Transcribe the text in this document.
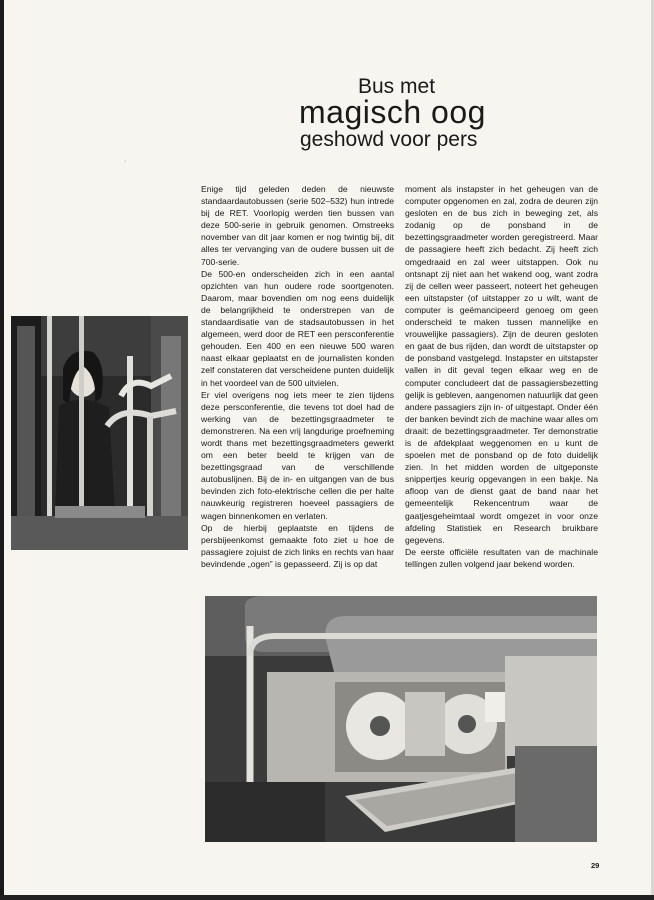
·
Bus met
magisch oog
geshowd voor pers

Enige tijd geleden deden de nieuwste standaardautobussen (serie 502–532) hun intrede bij de RET. Voorlopig werden tien bussen van deze 500-serie in gebruik genomen. Omstreeks november van dit jaar komen er nog twintig bij, dit alles ter vervanging van de oudere bussen uit de 700-serie.

De 500-en onderscheiden zich in een aantal opzichten van hun oudere rode soortgenoten. Daarom, maar bovendien om nog eens duidelijk de belangrijkheid te onderstrepen van de standaardisatie van de stadsautobussen in het algemeen, werd door de RET een persconferentie gehouden. Een 400 en een nieuwe 500 waren naast elkaar geplaatst en de journalisten konden zelf constateren dat verscheidene punten duidelijk in het voordeel van de 500 uitvielen.

Er viel overigens nog iets meer te zien tijdens deze persconferentie, die tevens tot doel had de werking van de bezettingsgraadmeter te demonstreren. Na een vrij langdurige proefneming wordt thans met bezettingsgraadmeters gewerkt om een beter beeld te krijgen van de bezettingsgraad van de verschillende autobuslijnen. Bij de in- en uitgangen van de bus bevinden zich foto-elektrische cellen die per halte nauwkeurig registreren hoeveel passagiers de wagen binnenkomen en verlaten.

Op de hierbij geplaatste en tijdens de persbijeenkomst gemaakte foto ziet u hoe de passagiere zojuist de zich links en rechts van haar bevindende „ogen” is gepasseerd. Zij is op dat

moment als instapster in het geheugen van de computer opgenomen en zal, zodra de deuren zijn gesloten en de bus zich in beweging zet, als zodanig op de ponsband in de bezettingsgraadmeter worden geregistreerd. Maar de passagiere heeft zich bedacht. Zij heeft zich omgedraaid en zal weer uitstappen. Ook nu ontsnapt zij niet aan het wakend oog, want zodra zij de cellen weer passeert, noteert het geheugen een uitstapster (of uitstapper zo u wilt, want de computer is geëmancipeerd genoeg om geen onderscheid te maken tussen mannelijke en vrouwelijke passagiers). Zijn de deuren gesloten en gaat de bus rijden, dan wordt de uitstapster op de ponsband vastgelegd. Instapster en uitstapster vallen in dit geval tegen elkaar weg en de computer concludeert dat de passagiersbezetting gelijk is gebleven, aangenomen natuurlijk dat geen andere passagiers zijn in- of uitgestapt. Onder één der banken bevindt zich de machine waar alles om draait: de bezettingsgraadmeter. Ter demonstratie is de afdekplaat weggenomen en u kunt de spoelen met de ponsband op de foto duidelijk zien. In het midden worden de uitgeponste snippertjes keurig opgevangen in een bakje. Na afloop van de dienst gaat de band naar het gemeentelijk Rekencentrum waar de gaatjesgeheimtaal wordt omgezet in voor onze afdeling Statistiek en Research bruikbare gegevens.

De eerste officiële resultaten van de machinale tellingen zullen volgend jaar bekend worden.

29
